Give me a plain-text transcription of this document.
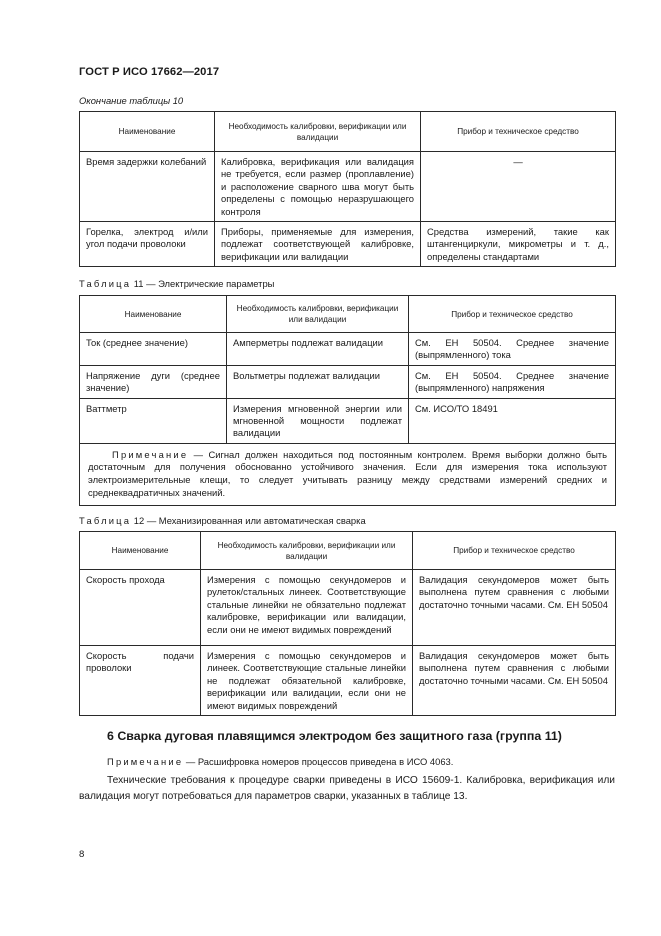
ГОСТ Р ИСО 17662—2017
Окончание таблицы 10
Наименование	Необходимость калибровки, верификации или валидации	Прибор и техническое средство
Время задержки колебаний	Калибровка, верификация или валидация не требуется, если размер (проплавление) и расположение сварного шва могут быть определены с помощью неразрушающего контроля	—
Горелка, электрод и/или угол подачи проволоки	Приборы, применяемые для измерения, подлежат соответствующей калибровке, верификации или валидации	Средства измерений, такие как штангенциркули, микрометры и т. д., определены стандартами
Таблица 11 — Электрические параметры
Наименование	Необходимость калибровки, верификации или валидации	Прибор и техническое средство
Ток (среднее значение)	Амперметры подлежат валидации	См. ЕН 50504. Среднее значение (выпрямленного) тока
Напряжение дуги (среднее значение)	Вольтметры подлежат валидации	См. ЕН 50504. Среднее значение (выпрямленного) напряжения
Ваттметр	Измерения мгновенной энергии или мгновенной мощности подлежат валидации	См. ИСО/ТО 18491
Примечание — Сигнал должен находиться под постоянным контролем. Время выборки должно быть достаточным для получения обоснованно устойчивого значения. Если для измерения тока используют электроизмерительные клещи, то следует учитывать разницу между средствами измерений средних и среднеквадратичных значений.		
Таблица 12 — Механизированная или автоматическая сварка
Наименование	Необходимость калибровки, верификации или валидации	Прибор и техническое средство
Скорость прохода	Измерения с помощью секундомеров и рулеток/стальных линеек. Соответствующие стальные линейки не обязательно подлежат калибровке, верификации или валидации, если они не имеют видимых повреждений	Валидация секундомеров может быть выполнена путем сравнения с любыми достаточно точными часами. См. ЕН 50504
Скорость подачи проволоки	Измерения с помощью секундомеров и линеек. Соответствующие стальные линейки не подлежат обязательной калибровке, верификации или валидации, если они не имеют видимых повреждений	Валидация секундомеров может быть выполнена путем сравнения с любыми достаточно точными часами. См. ЕН 50504
6 Сварка дуговая плавящимся электродом без защитного газа (группа 11)
Примечание — Расшифровка номеров процессов приведена в ИСО 4063.
Технические требования к процедуре сварки приведены в ИСО 15609-1. Калибровка, верификация или валидация могут потребоваться для параметров сварки, указанных в таблице 13.
8
